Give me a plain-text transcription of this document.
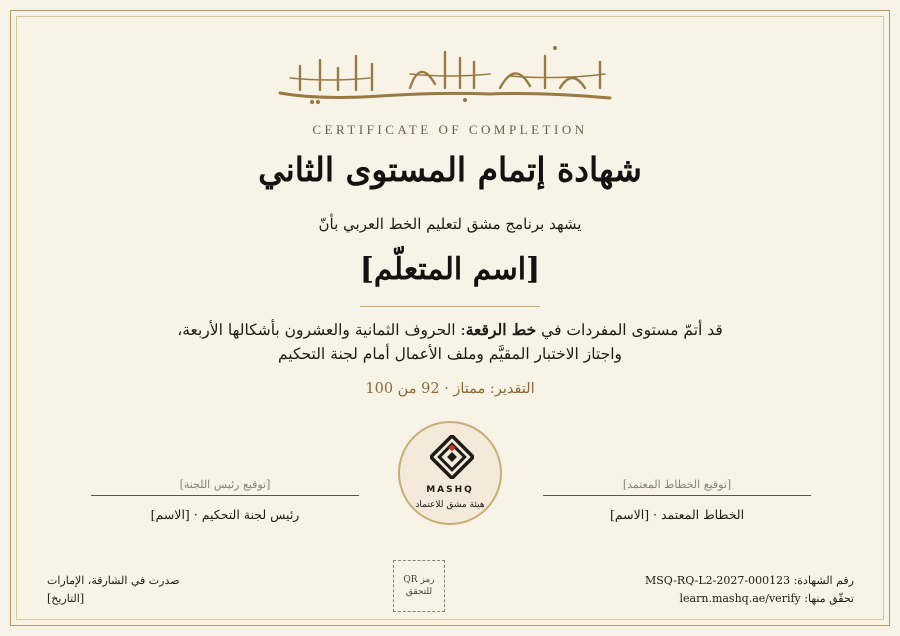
CERTIFICATE OF COMPLETION
شهادة إتمام المستوى الثاني
يشهد برنامج مشق لتعليم الخط العربي بأنّ
[اسم المتعلّم]
قد أتمّ مستوى المفردات في خط الرقعة: الحروف الثمانية والعشرون بأشكالها الأربعة،
واجتاز الاختبار المقيَّم وملف الأعمال أمام لجنة التحكيم
التقدير: ممتاز · 92 من 100
MASHQ
هيئة مشق للاعتماد
[توقيع رئيس اللجنة]
رئيس لجنة التحكيم · [الاسم]
[توقيع الخطاط المعتمد]
الخطاط المعتمد · [الاسم]
رمز QR
للتحقق
صدرت في الشارقة، الإمارات
[التاريخ]
رقم الشهادة: MSQ-RQ-L2-2027-000123
تحقّق منها: learn.mashq.ae/verify
